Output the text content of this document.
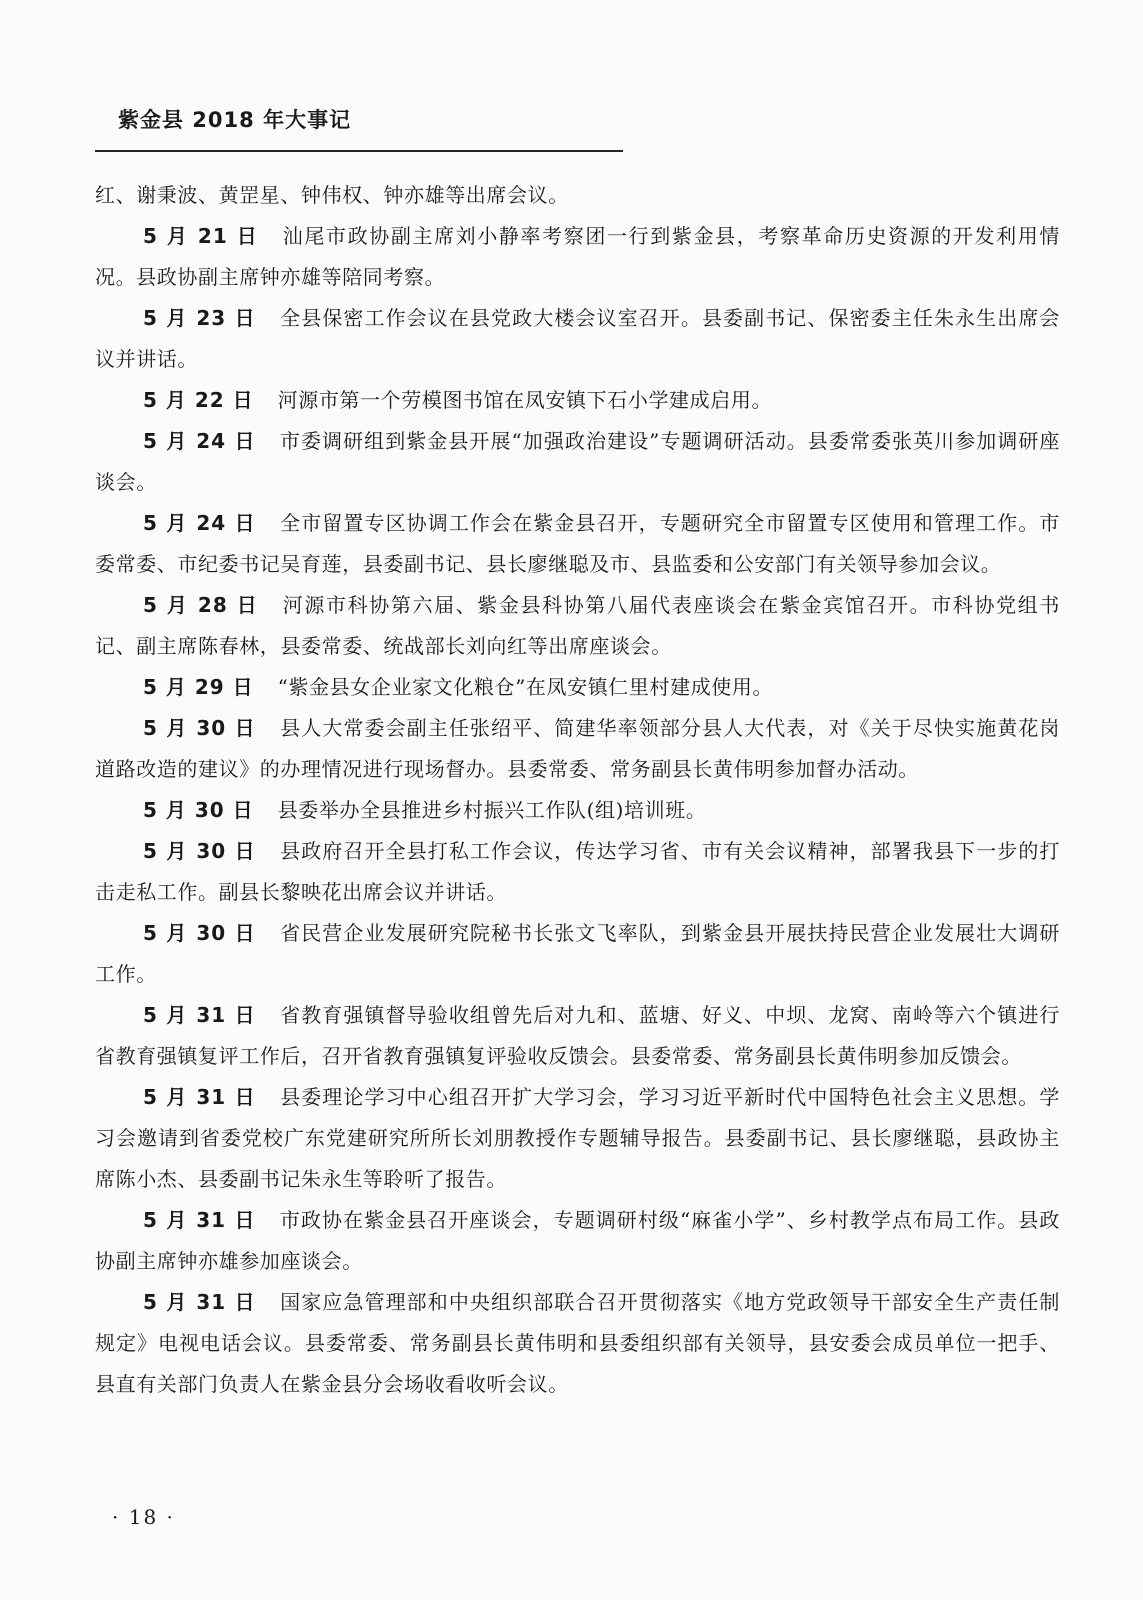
紫金县 2018 年大事记

红、谢秉波、黄罡星、钟伟权、钟亦雄等出席会议。

5 月 21 日 汕尾市政协副主席刘小静率考察团一行到紫金县，考察革命历史资源的开发利用情况。县政协副主席钟亦雄等陪同考察。

5 月 23 日 全县保密工作会议在县党政大楼会议室召开。县委副书记、保密委主任朱永生出席会议并讲话。

5 月 22 日 河源市第一个劳模图书馆在凤安镇下石小学建成启用。

5 月 24 日 市委调研组到紫金县开展“加强政治建设”专题调研活动。县委常委张英川参加调研座谈会。

5 月 24 日 全市留置专区协调工作会在紫金县召开，专题研究全市留置专区使用和管理工作。市委常委、市纪委书记吴育莲，县委副书记、县长廖继聪及市、县监委和公安部门有关领导参加会议。

5 月 28 日 河源市科协第六届、紫金县科协第八届代表座谈会在紫金宾馆召开。市科协党组书记、副主席陈春林，县委常委、统战部长刘向红等出席座谈会。

5 月 29 日 “紫金县女企业家文化粮仓”在凤安镇仁里村建成使用。

5 月 30 日 县人大常委会副主任张绍平、简建华率领部分县人大代表，对《关于尽快实施黄花岗道路改造的建议》的办理情况进行现场督办。县委常委、常务副县长黄伟明参加督办活动。

5 月 30 日 县委举办全县推进乡村振兴工作队(组)培训班。

5 月 30 日 县政府召开全县打私工作会议，传达学习省、市有关会议精神，部署我县下一步的打击走私工作。副县长黎映花出席会议并讲话。

5 月 30 日 省民营企业发展研究院秘书长张文飞率队，到紫金县开展扶持民营企业发展壮大调研工作。

5 月 31 日 省教育强镇督导验收组曾先后对九和、蓝塘、好义、中坝、龙窝、南岭等六个镇进行省教育强镇复评工作后，召开省教育强镇复评验收反馈会。县委常委、常务副县长黄伟明参加反馈会。

5 月 31 日 县委理论学习中心组召开扩大学习会，学习习近平新时代中国特色社会主义思想。学习会邀请到省委党校广东党建研究所所长刘朋教授作专题辅导报告。县委副书记、县长廖继聪，县政协主席陈小杰、县委副书记朱永生等聆听了报告。

5 月 31 日 市政协在紫金县召开座谈会，专题调研村级“麻雀小学”、乡村教学点布局工作。县政协副主席钟亦雄参加座谈会。

5 月 31 日 国家应急管理部和中央组织部联合召开贯彻落实《地方党政领导干部安全生产责任制规定》电视电话会议。县委常委、常务副县长黄伟明和县委组织部有关领导，县安委会成员单位一把手、县直有关部门负责人在紫金县分会场收看收听会议。

· 18 ·
